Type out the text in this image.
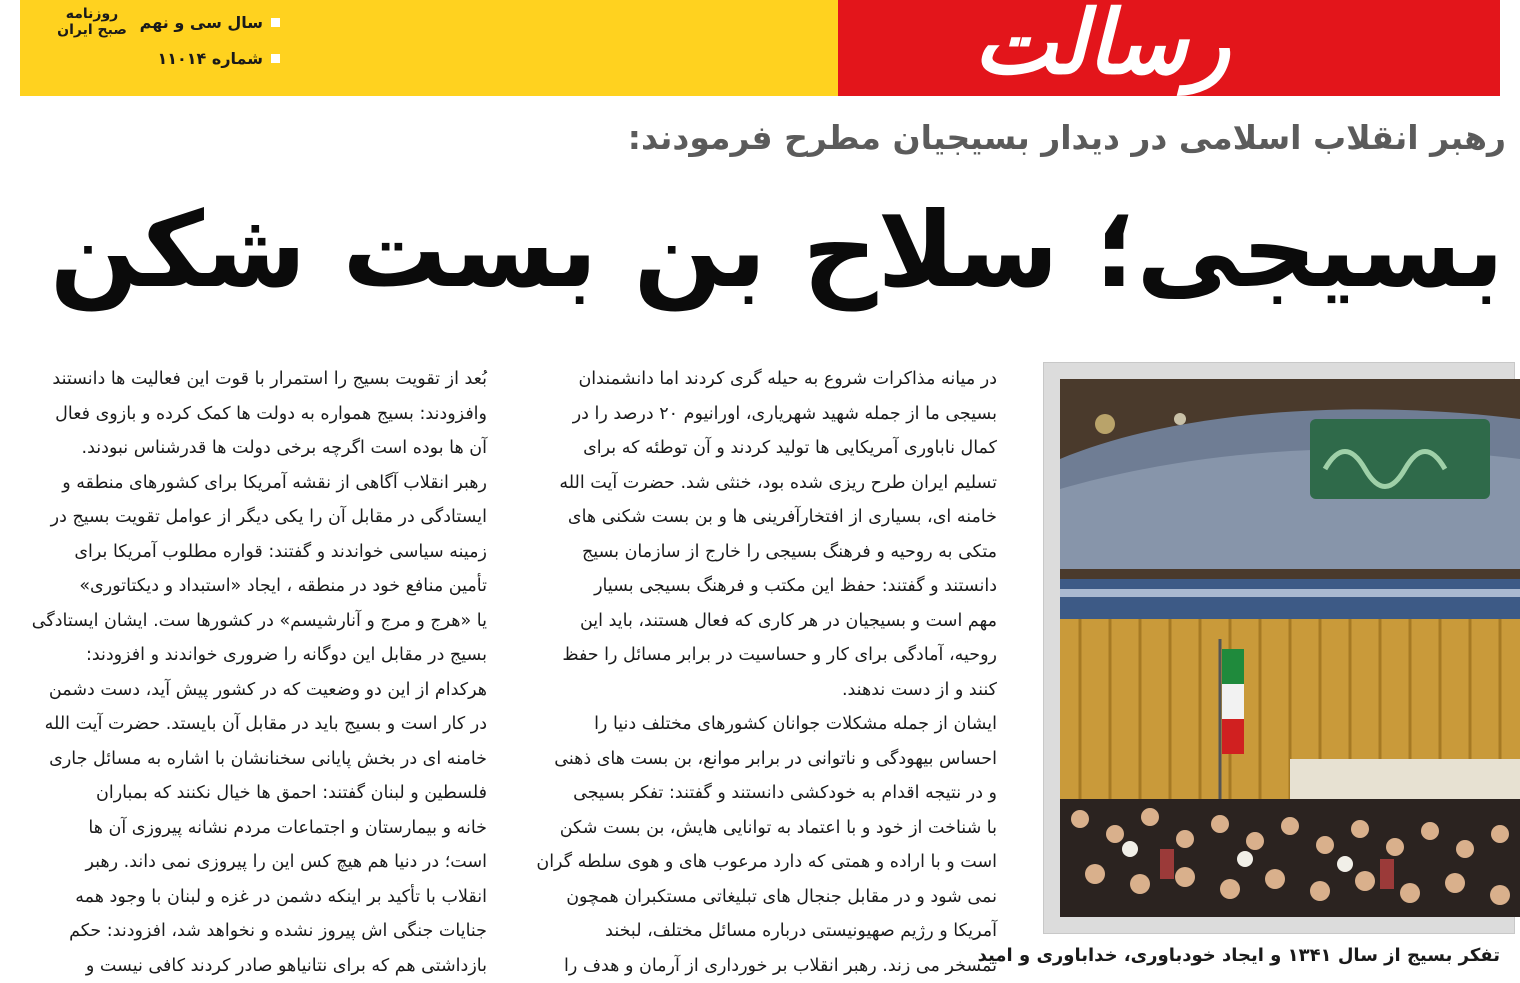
روزنامه صبح ایران سال سی و نهم
شماره ۱۱۰۱۴	رسالت
رهبر انقلاب اسلامی در دیدار بسیجیان مطرح فرمودند:
بسیجی؛ سلاح بن بست شکن

بُعد از تقویت بسیج را استمرار با قوت این فعالیت ها دانستند

وافزودند: بسیج همواره به دولت ها کمک کرده و بازوی فعال

آن ها بوده است اگرچه برخی دولت ها قدرشناس نبودند.

رهبر انقلاب آگاهی از نقشه آمریکا برای کشورهای منطقه و

ایستادگی در مقابل آن را یکی دیگر از عوامل تقویت بسیج در

زمینه سیاسی خواندند و گفتند: قواره مطلوب آمریکا برای

تأمین منافع خود در منطقه ، ایجاد «استبداد و دیکتاتوری»

یا «هرج و مرج و آنارشیسم» در کشورها ست. ایشان ایستادگی

بسیج در مقابل این دوگانه را ضروری خواندند و افزودند:

هرکدام از این دو وضعیت که در کشور پیش آید، دست دشمن

در کار است و بسیج باید در مقابل آن بایستد. حضرت آیت الله

خامنه ای در بخش پایانی سخنانشان با اشاره به مسائل جاری

فلسطین و لبنان گفتند: احمق ها خیال نکنند که بمباران

خانه و بیمارستان و اجتماعات مردم نشانه پیروزی آن ها

است؛ در دنیا هم هیچ کس این را پیروزی نمی داند. رهبر

انقلاب با تأکید بر اینکه دشمن در غزه و لبنان با وجود همه

جنایات جنگی اش پیروز نشده و نخواهد شد، افزودند: حکم

بازداشتی هم که برای نتانیاهو صادر کردند کافی نیست و

در میانه مذاکرات شروع به حیله گری کردند اما دانشمندان

بسیجی ما از جمله شهید شهریاری، اورانیوم ۲۰ درصد را در

کمال ناباوری آمریکایی ها تولید کردند و آن توطئه که برای

تسلیم ایران طرح ریزی شده بود، خنثی شد. حضرت آیت الله

خامنه ای، بسیاری از افتخارآفرینی ها و بن بست شکنی های

متکی به روحیه و فرهنگ بسیجی را خارج از سازمان بسیج

دانستند و گفتند: حفظ این مکتب و فرهنگ بسیجی بسیار

مهم است و بسیجیان در هر کاری که فعال هستند، باید این

روحیه، آمادگی برای کار و حساسیت در برابر مسائل را حفظ

کنند و از دست ندهند.

ایشان از جمله مشکلات جوانان کشورهای مختلف دنیا را

احساس بیهودگی و ناتوانی در برابر موانع، بن بست های ذهنی

و در نتیجه اقدام به خودکشی دانستند و گفتند: تفکر بسیجی

با شناخت از خود و با اعتماد به توانایی هایش، بن بست شکن

است و با اراده و همتی که دارد مرعوب های و هوی سلطه گران

نمی شود و در مقابل جنجال های تبلیغاتی مستکبران همچون

آمریکا و رژیم صهیونیستی درباره مسائل مختلف، لبخند

تمسخر می زند. رهبر انقلاب بر خورداری از آرمان و هدف را

تفکر بسیج از سال ۱۳۴۱ و ایجاد خودباوری، خداباوری و امید
